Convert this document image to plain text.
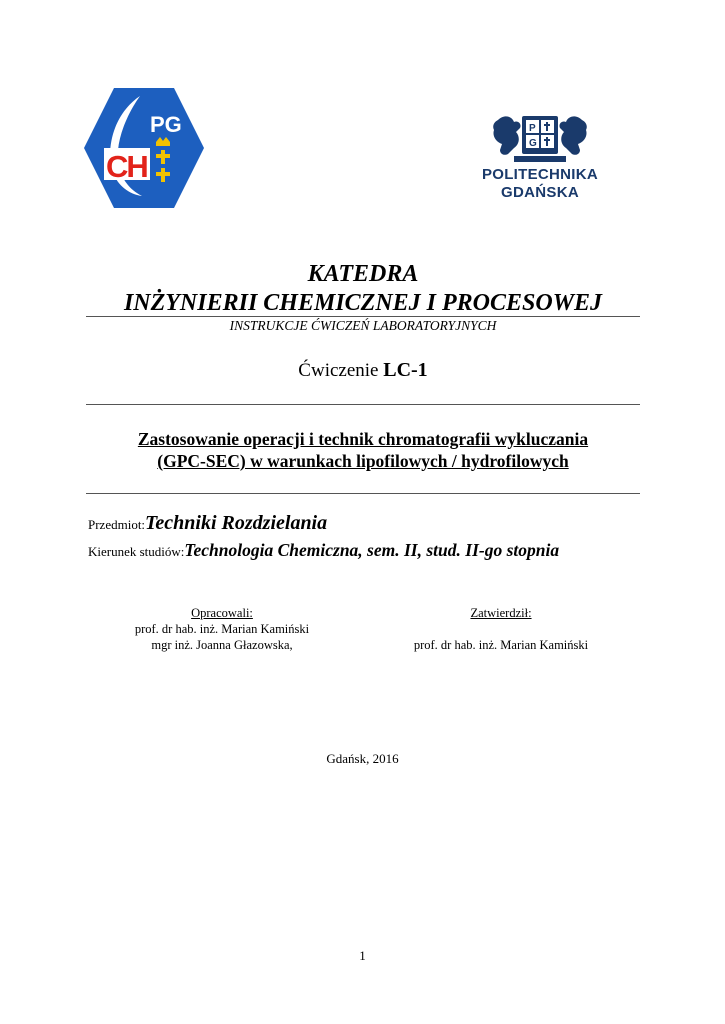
PG
CH
P
G
POLITECHNIKA
GDAŃSKA
KATEDRA
INŻYNIERII CHEMICZNEJ I PROCESOWEJ
INSTRUKCJE ĆWICZEŃ LABORATORYJNYCH
Ćwiczenie LC-1
Zastosowanie operacji i technik chromatografii wykluczania
(GPC-SEC) w warunkach lipofilowych / hydrofilowych
Przedmiot:Techniki Rozdzielania
Kierunek studiów:Technologia Chemiczna, sem. II, stud. II-go stopnia
Opracowali:
prof. dr hab. inż. Marian Kamiński
mgr inż. Joanna Głazowska,
Zatwierdził:
prof. dr hab. inż. Marian Kamiński
Gdańsk, 2016
1
